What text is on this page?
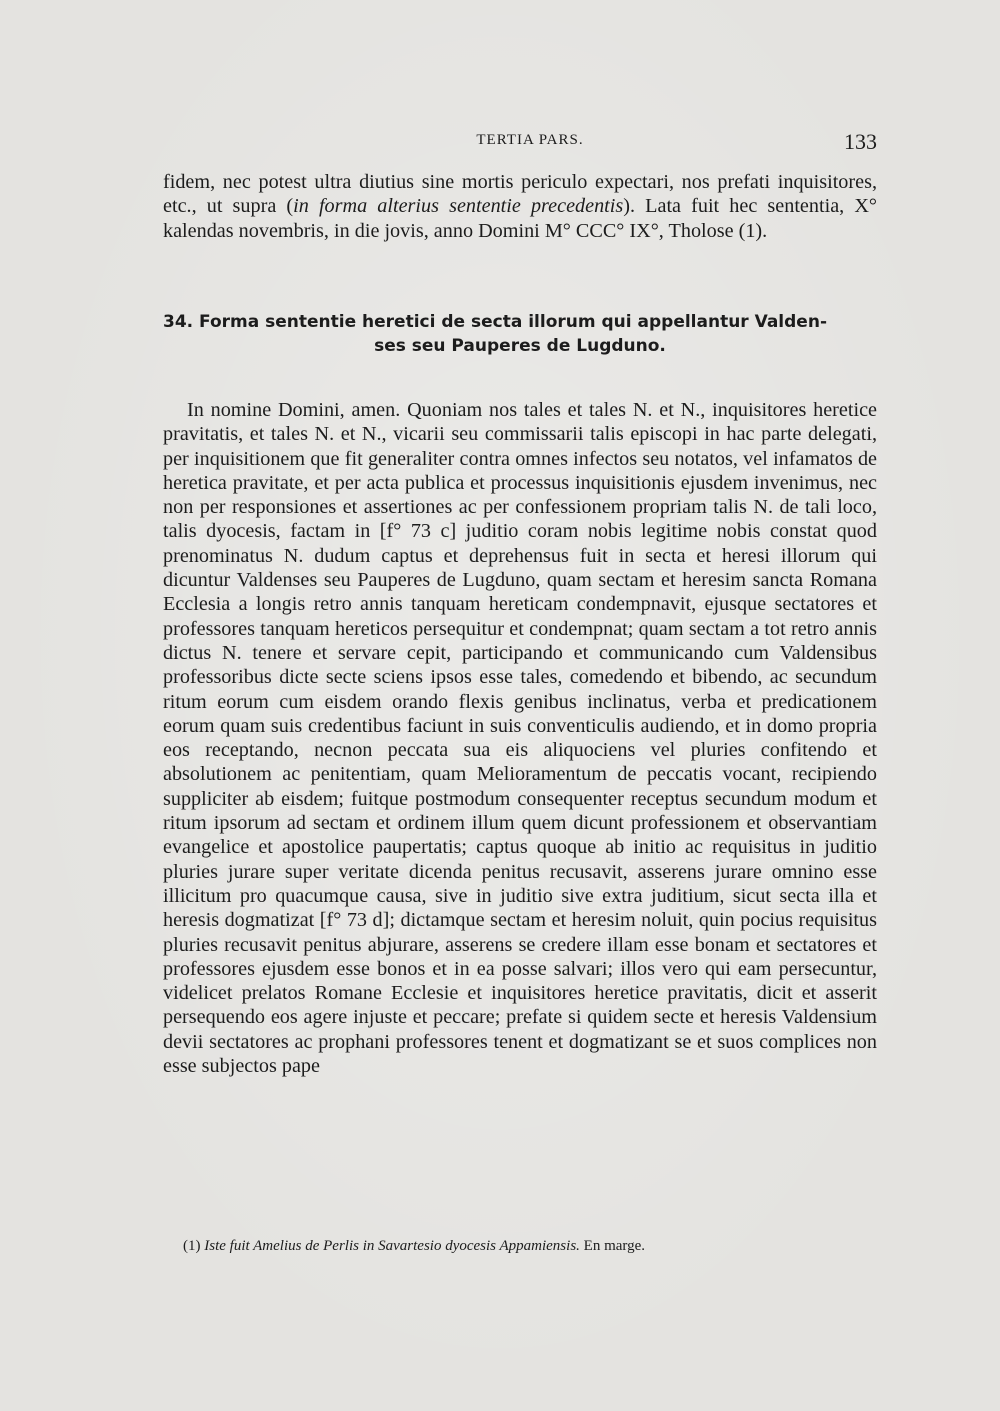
TERTIA PARS.	133
fidem, nec potest ultra diutius sine mortis periculo expectari, nos prefati inquisitores, etc., ut supra (in forma alterius sententie precedentis). Lata fuit hec sententia, X° kalendas novembris, in die jovis, anno Domini M° CCC° IX°, Tholose (1).
34. Forma sententie heretici de secta illorum qui appellantur Valden-
ses seu Pauperes de Lugduno.
In nomine Domini, amen. Quoniam nos tales et tales N. et N., inquisitores heretice pravitatis, et tales N. et N., vicarii seu commissarii talis episcopi in hac parte delegati, per inquisitionem que fit generaliter contra omnes infectos seu notatos, vel infamatos de heretica pravitate, et per acta publica et processus inquisitionis ejusdem invenimus, nec non per responsiones et assertiones ac per confessionem propriam talis N. de tali loco, talis dyocesis, factam in [f° 73 c] juditio coram nobis legitime nobis constat quod prenominatus N. dudum captus et deprehensus fuit in secta et heresi illorum qui dicuntur Valdenses seu Pauperes de Lugduno, quam sectam et heresim sancta Romana Ecclesia a longis retro annis tanquam hereticam condempnavit, ejusque sectatores et professores tanquam hereticos persequitur et condempnat; quam sectam a tot retro annis dictus N. tenere et servare cepit, participando et communicando cum Valdensibus professoribus dicte secte sciens ipsos esse tales, comedendo et bibendo, ac secundum ritum eorum cum eisdem orando flexis genibus inclinatus, verba et predicationem eorum quam suis credentibus faciunt in suis conventiculis audiendo, et in domo propria eos receptando, necnon peccata sua eis aliquociens vel pluries confitendo et absolutionem ac penitentiam, quam Melioramentum de peccatis vocant, recipiendo suppliciter ab eisdem; fuitque postmodum consequenter receptus secundum modum et ritum ipsorum ad sectam et ordinem illum quem dicunt professionem et observantiam evangelice et apostolice paupertatis; captus quoque ab initio ac requisitus in juditio pluries jurare super veritate dicenda penitus recusavit, asserens jurare omnino esse illicitum pro quacumque causa, sive in juditio sive extra juditium, sicut secta illa et heresis dogmatizat [f° 73 d]; dictamque sectam et heresim noluit, quin pocius requisitus pluries recusavit penitus abjurare, asserens se credere illam esse bonam et sectatores et professores ejusdem esse bonos et in ea posse salvari; illos vero qui eam persecuntur, videlicet prelatos Romane Ecclesie et inquisitores heretice pravitatis, dicit et asserit persequendo eos agere injuste et peccare; prefate si quidem secte et heresis Valdensium devii sectatores ac prophani professores tenent et dogmatizant se et suos complices non esse subjectos pape
(1) Iste fuit Amelius de Perlis in Savartesio dyocesis Appamiensis. En marge.
